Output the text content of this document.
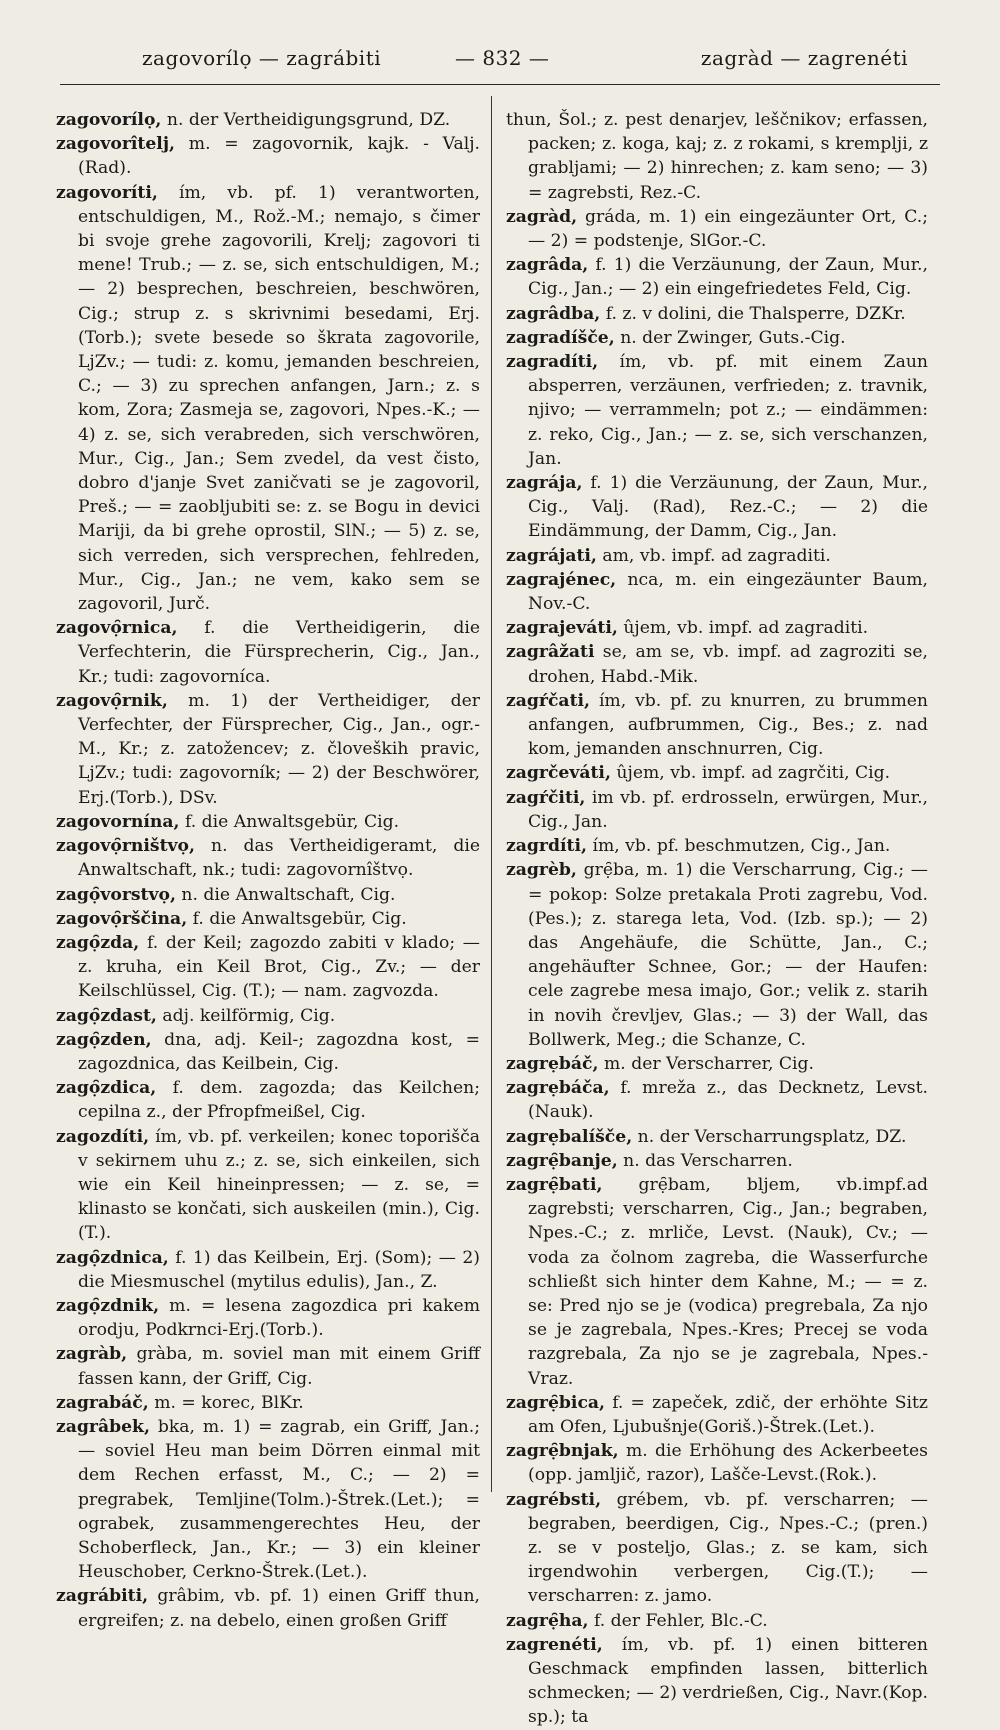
zagovorílọ — zagrábiti	— 832 —	zagràd — zagrenéti

zagovorílọ, n. der Vertheidigungsgrund, DZ.

zagovorîtelj, m. = zagovornik, kajk. - Valj. (Rad).

zagovoríti, ím, vb. pf. 1) verantworten, entschuldigen, M., Rož.-M.; nemajo, s čimer bi svoje grehe zagovorili, Krelj; zagovori ti mene! Trub.; — z. se, sich entschuldigen, M.; — 2) besprechen, beschreien, beschwören, Cig.; strup z. s skrivnimi besedami, Erj. (Torb.); svete besede so škrata zagovorile, LjZv.; — tudi: z. komu, jemanden beschreien, C.; — 3) zu sprechen anfangen, Jarn.; z. s kom, Zora; Zasmeja se, zagovori, Npes.-K.; — 4) z. se, sich verabreden, sich verschwören, Mur., Cig., Jan.; Sem zvedel, da vest čisto, dobro d'janje Svet zaničvati se je zagovoril, Preš.; — = zaobljubiti se: z. se Bogu in devici Mariji, da bi grehe oprostil, SlN.; — 5) z. se, sich verreden, sich versprechen, fehlreden, Mur., Cig., Jan.; ne vem, kako sem se zagovoril, Jurč.

zagovọ̑rnica, f. die Vertheidigerin, die Verfechterin, die Fürsprecherin, Cig., Jan., Kr.; tudi: zagovorníca.

zagovọ̑rnik, m. 1) der Vertheidiger, der Verfechter, der Fürsprecher, Cig., Jan., ogr.-M., Kr.; z. zatožencev; z. človeških pravic, LjZv.; tudi: zagovorník; — 2) der Beschwörer, Erj.(Torb.), DSv.

zagovornína, f. die Anwaltsgebür, Cig.

zagovọ̑rništvọ, n. das Vertheidigeramt, die Anwaltschaft, nk.; tudi: zagovornîštvọ.

zagọ̑vorstvọ, n. die Anwaltschaft, Cig.

zagovọ̑rščina, f. die Anwaltsgebür, Cig.

zagọ̑zda, f. der Keil; zagozdo zabiti v klado; — z. kruha, ein Keil Brot, Cig., Zv.; — der Keilschlüssel, Cig. (T.); — nam. zagvozda.

zagọ̑zdast, adj. keilförmig, Cig.

zagọ̑zden, dna, adj. Keil-; zagozdna kost, = zagozdnica, das Keilbein, Cig.

zagọ̑zdica, f. dem. zagozda; das Keilchen; cepilna z., der Pfropfmeißel, Cig.

zagozdíti, ím, vb. pf. verkeilen; konec toporišča v sekirnem uhu z.; z. se, sich einkeilen, sich wie ein Keil hineinpressen; — z. se, = klinasto se končati, sich auskeilen (min.), Cig. (T.).

zagọ̑zdnica, f. 1) das Keilbein, Erj. (Som); — 2) die Miesmuschel (mytilus edulis), Jan., Z.

zagọ̑zdnik, m. = lesena zagozdica pri kakem orodju, Podkrnci-Erj.(Torb.).

zagràb, gràba, m. soviel man mit einem Griff fassen kann, der Griff, Cig.

zagrabáč, m. = korec, BlKr.

zagrâbek, bka, m. 1) = zagrab, ein Griff, Jan.; — soviel Heu man beim Dörren einmal mit dem Rechen erfasst, M., C.; — 2) = pregrabek, Temljine(Tolm.)-Štrek.(Let.); = ograbek, zusammengerechtes Heu, der Schoberfleck, Jan., Kr.; — 3) ein kleiner Heuschober, Cerkno-Štrek.(Let.).

zagrábiti, grâbim, vb. pf. 1) einen Griff thun, ergreifen; z. na debelo, einen großen Griff

thun, Šol.; z. pest denarjev, leščnikov; erfassen, packen; z. koga, kaj; z. z rokami, s kremplji, z grabljami; — 2) hinrechen; z. kam seno; — 3) = zagrebsti, Rez.-C.

zagràd, gráda, m. 1) ein eingezäunter Ort, C.; — 2) = podstenje, SlGor.-C.

zagrâda, f. 1) die Verzäunung, der Zaun, Mur., Cig., Jan.; — 2) ein eingefriedetes Feld, Cig.

zagrâdba, f. z. v dolini, die Thalsperre, DZKr.

zagradíšče, n. der Zwinger, Guts.-Cig.

zagradíti, ím, vb. pf. mit einem Zaun absperren, verzäunen, verfrieden; z. travnik, njivo; — verrammeln; pot z.; — eindämmen: z. reko, Cig., Jan.; — z. se, sich verschanzen, Jan.

zagrája, f. 1) die Verzäunung, der Zaun, Mur., Cig., Valj. (Rad), Rez.-C.; — 2) die Eindämmung, der Damm, Cig., Jan.

zagrájati, am, vb. impf. ad zagraditi.

zagrajénec, nca, m. ein eingezäunter Baum, Nov.-C.

zagrajeváti, ûjem, vb. impf. ad zagraditi.

zagrâžati se, am se, vb. impf. ad zagroziti se, drohen, Habd.-Mik.

zagŕčati, ím, vb. pf. zu knurren, zu brummen anfangen, aufbrummen, Cig., Bes.; z. nad kom, jemanden anschnurren, Cig.

zagrčeváti, ûjem, vb. impf. ad zagrčiti, Cig.

zagŕčiti, im vb. pf. erdrosseln, erwürgen, Mur., Cig., Jan.

zagrdíti, ím, vb. pf. beschmutzen, Cig., Jan.

zagrèb, grẹ̑ba, m. 1) die Verscharrung, Cig.; — = pokop: Solze pretakala Proti zagrebu, Vod.(Pes.); z. starega leta, Vod. (Izb. sp.); — 2) das Angehäufe, die Schütte, Jan., C.; angehäufter Schnee, Gor.; — der Haufen: cele zagrebe mesa imajo, Gor.; velik z. starih in novih črevljev, Glas.; — 3) der Wall, das Bollwerk, Meg.; die Schanze, C.

zagrẹbáč, m. der Verscharrer, Cig.

zagrẹbáča, f. mreža z., das Decknetz, Levst. (Nauk).

zagrẹbalíšče, n. der Verscharrungsplatz, DZ.

zagrẹ̑banje, n. das Verscharren.

zagrẹ̑bati, grẹ̑bam, bljem, vb.impf.ad zagrebsti; verscharren, Cig., Jan.; begraben, Npes.-C.; z. mrliče, Levst. (Nauk), Cv.; — voda za čolnom zagreba, die Wasserfurche schließt sich hinter dem Kahne, M.; — = z. se: Pred njo se je (vodica) pregrebala, Za njo se je zagrebala, Npes.-Kres; Precej se voda razgrebala, Za njo se je zagrebala, Npes.-Vraz.

zagrẹ̑bica, f. = zapeček, zdič, der erhöhte Sitz am Ofen, Ljubušnje(Goriš.)-Štrek.(Let.).

zagrẹ̑bnjak, m. die Erhöhung des Ackerbeetes (opp. jamljič, razor), Lašče-Levst.(Rok.).

zagrébsti, grébem, vb. pf. verscharren; — begraben, beerdigen, Cig., Npes.-C.; (pren.) z. se v posteljo, Glas.; z. se kam, sich irgendwohin verbergen, Cig.(T.); — verscharren: z. jamo.

zagrẹ̑ha, f. der Fehler, Blc.-C.

zagrenéti, ím, vb. pf. 1) einen bitteren Geschmack empfinden lassen, bitterlich schmecken; — 2) verdrießen, Cig., Navr.(Kop. sp.); ta
